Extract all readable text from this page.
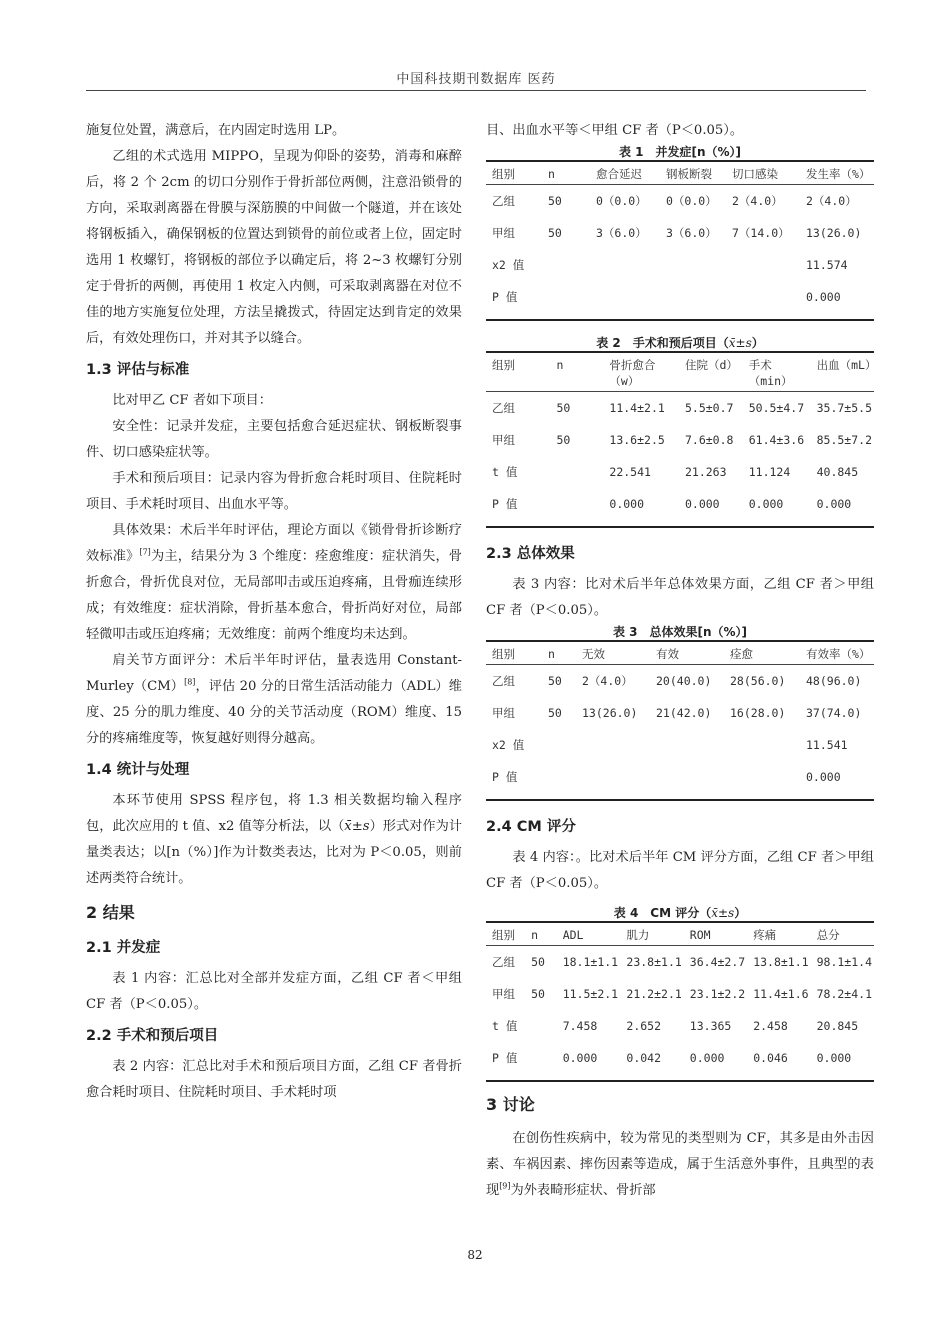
中国科技期刊数据库 医药

施复位处置，满意后，在内固定时选用 LP。

乙组的术式选用 MIPPO，呈现为仰卧的姿势，消毒和麻醉后，将 2 个 2cm 的切口分别作于骨折部位两侧，注意沿锁骨的方向，采取剥离器在骨膜与深筋膜的中间做一个隧道，并在该处将钢板插入，确保钢板的位置达到锁骨的前位或者上位，固定时选用 1 枚螺钉，将钢板的部位予以确定后，将 2~3 枚螺钉分别定于骨折的两侧，再使用 1 枚定入内侧，可采取剥离器在对位不佳的地方实施复位处理，方法呈撬拨式，待固定达到肯定的效果后，有效处理伤口，并对其予以缝合。

1.3 评估与标准

比对甲乙 CF 者如下项目：

安全性：记录并发症，主要包括愈合延迟症状、钢板断裂事件、切口感染症状等。

手术和预后项目：记录内容为骨折愈合耗时项目、住院耗时项目、手术耗时项目、出血水平等。

具体效果：术后半年时评估，理论方面以《锁骨骨折诊断疗效标准》[7]为主，结果分为 3 个维度：痊愈维度：症状消失，骨折愈合，骨折优良对位，无局部叩击或压迫疼痛，且骨痂连续形成；有效维度：症状消除，骨折基本愈合，骨折尚好对位，局部轻微叩击或压迫疼痛；无效维度：前两个维度均未达到。

肩关节方面评分：术后半年时评估，量表选用 Constant-Murley（CM）[8]，评估 20 分的日常生活活动能力（ADL）维度、25 分的肌力维度、40 分的关节活动度（ROM）维度、15 分的疼痛维度等，恢复越好则得分越高。

1.4 统计与处理

本环节使用 SPSS 程序包，将 1.3 相关数据均输入程序包，此次应用的 t 值、x2 值等分析法，以（x̄±s）形式对作为计量类表达；以[n（%）]作为计数类表达，比对为 P＜0.05，则前述两类符合统计。

2 结果
2.1 并发症

表 1 内容：汇总比对全部并发症方面，乙组 CF 者＜甲组 CF 者（P＜0.05）。

2.2 手术和预后项目

表 2 内容：汇总比对手术和预后项目方面，乙组 CF 者骨折愈合耗时项目、住院耗时项目、手术耗时项

目、出血水平等＜甲组 CF 者（P＜0.05）。

表 1　并发症[n（%）]

组别	n	愈合延迟	钢板断裂	切口感染	发生率（%）
乙组	50	0（0.0）	0（0.0）	2（4.0）	2（4.0）
甲组	50	3（6.0）	3（6.0）	7（14.0）	13(26.0)
x2 值					11.574
P 值					0.000

表 2　手术和预后项目（x̄±s）

组别	n	骨折愈合（w）	住院（d）	手术（min）	出血（mL）
乙组	50	11.4±2.1	5.5±0.7	50.5±4.7	35.7±5.5
甲组	50	13.6±2.5	7.6±0.8	61.4±3.6	85.5±7.2
t 值		22.541	21.263	11.124	40.845
P 值		0.000	0.000	0.000	0.000
2.3 总体效果

表 3 内容：比对术后半年总体效果方面，乙组 CF 者＞甲组 CF 者（P＜0.05）。

表 3　总体效果[n（%）]

组别	n	无效	有效	痊愈	有效率（%）
乙组	50	2（4.0）	20(40.0)	28(56.0)	48(96.0)
甲组	50	13(26.0)	21(42.0)	16(28.0)	37(74.0)
x2 值					11.541
P 值					0.000
2.4 CM 评分

表 4 内容：。比对术后半年 CM 评分方面，乙组 CF 者＞甲组 CF 者（P＜0.05）。

表 4　CM 评分（x̄±s）

组别	n	ADL	肌力	ROM	疼痛	总分
乙组	50	18.1±1.1	23.8±1.1	36.4±2.7	13.8±1.1	98.1±1.4
甲组	50	11.5±2.1	21.2±2.1	23.1±2.2	11.4±1.6	78.2±4.1
t 值		7.458	2.652	13.365	2.458	20.845
P 值		0.000	0.042	0.000	0.046	0.000
3 讨论

在创伤性疾病中，较为常见的类型则为 CF，其多是由外击因素、车祸因素、摔伤因素等造成，属于生活意外事件，且典型的表现[9]为外表畸形症状、骨折部

82
